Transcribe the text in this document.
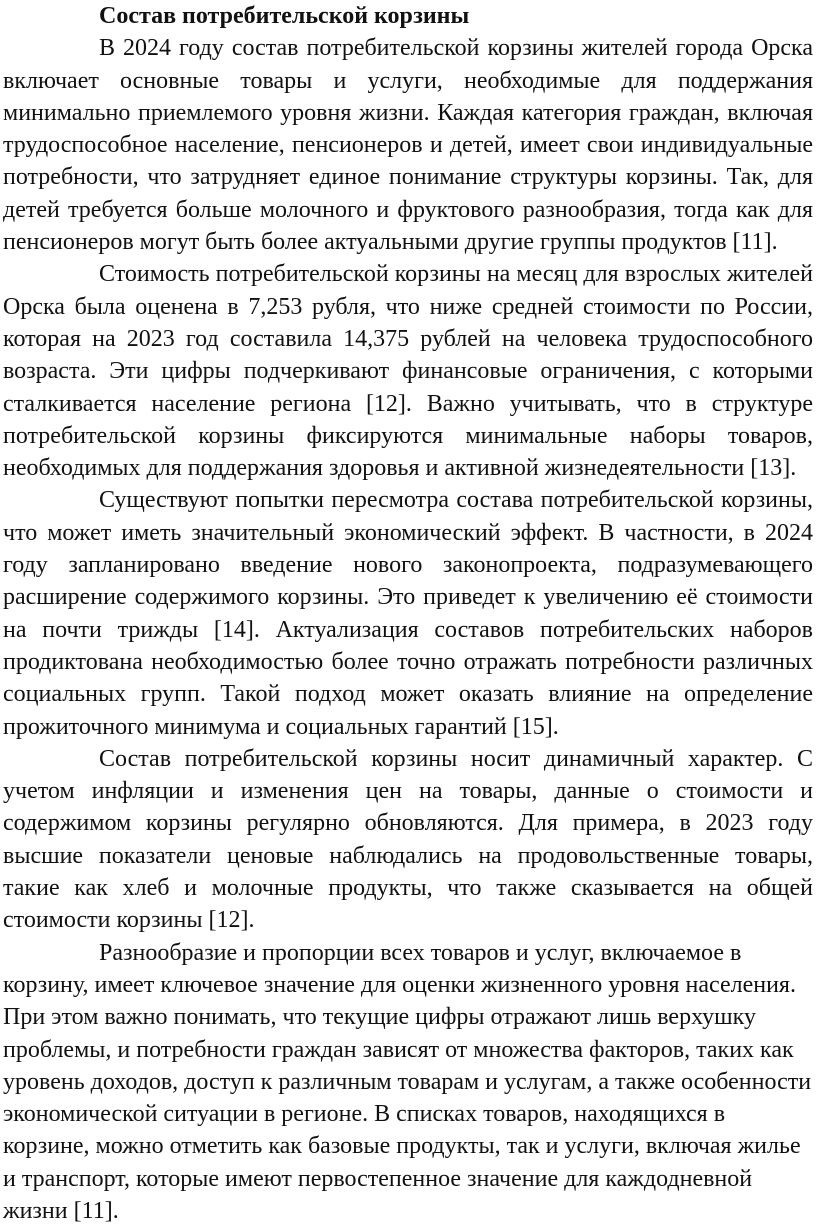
Состав потребительской корзины

В 2024 году состав потребительской корзины жителей города Орска включает основные товары и услуги, необходимые для поддержания минимально приемлемого уровня жизни. Каждая категория граждан, включая трудоспособное население, пенсионеров и детей, имеет свои индивидуальные потребности, что затрудняет единое понимание структуры корзины. Так, для детей требуется больше молочного и фруктового разнообразия, тогда как для пенсионеров могут быть более актуальными другие группы продуктов [11].

Стоимость потребительской корзины на месяц для взрослых жителей Орска была оценена в 7,253 рубля, что ниже средней стоимости по России, которая на 2023 год составила 14,375 рублей на человека трудоспособного возраста. Эти цифры подчеркивают финансовые ограничения, с которыми сталкивается население региона [12]. Важно учитывать, что в структуре потребительской корзины фиксируются минимальные наборы товаров, необходимых для поддержания здоровья и активной жизнедеятельности [13].

Существуют попытки пересмотра состава потребительской корзины, что может иметь значительный экономический эффект. В частности, в 2024 году запланировано введение нового законопроекта, подразумевающего расширение содержимого корзины. Это приведет к увеличению её стоимости на почти трижды [14]. Актуализация составов потребительских наборов продиктована необходимостью более точно отражать потребности различных социальных групп. Такой подход может оказать влияние на определение прожиточного минимума и социальных гарантий [15].

Состав потребительской корзины носит динамичный характер. С учетом инфляции и изменения цен на товары, данные о стоимости и содержимом корзины регулярно обновляются. Для примера, в 2023 году высшие показатели ценовые наблюдались на продовольственные товары, такие как хлеб и молочные продукты, что также сказывается на общей стоимости корзины [12].

Разнообразие и пропорции всех товаров и услуг, включаемое в корзину, имеет ключевое значение для оценки жизненного уровня населения. При этом важно понимать, что текущие цифры отражают лишь верхушку проблемы, и потребности граждан зависят от множества факторов, таких как уровень доходов, доступ к различным товарам и услугам, а также особенности экономической ситуации в регионе. В списках товаров, находящихся в корзине, можно отметить как базовые продукты, так и услуги, включая жилье и транспорт, которые имеют первостепенное значение для каждодневной жизни [11].
